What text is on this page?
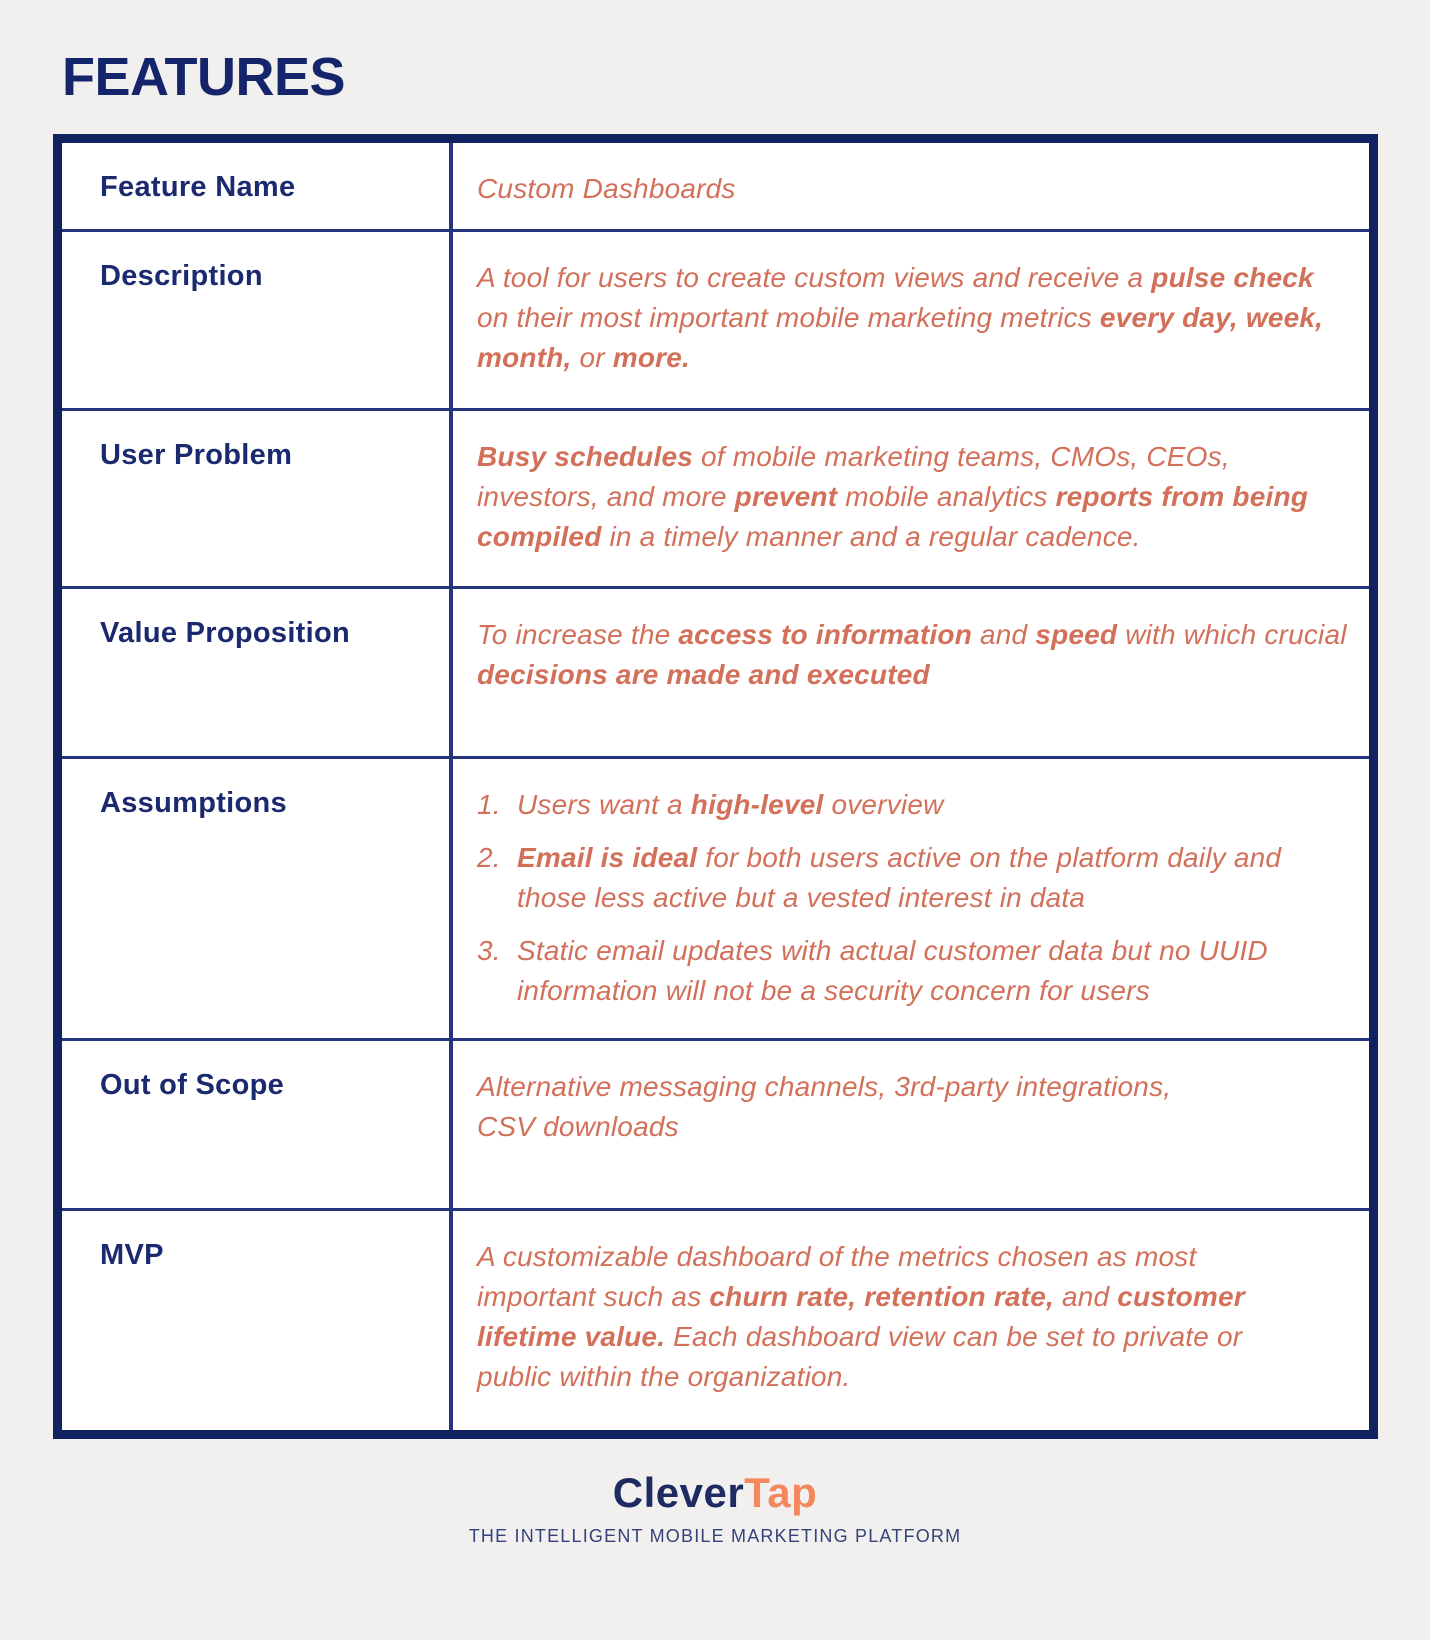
FEATURES
Feature Name	Custom Dashboards
Description	A tool for users to create custom views and receive a pulse check
on their most important mobile marketing metrics every day, week,
month, or more.
User Problem	Busy schedules of mobile marketing teams, CMOs, CEOs,
investors, and more prevent mobile analytics reports from being
compiled in a timely manner and a regular cadence.
Value Proposition	To increase the access to information and speed with which crucial
decisions are made and executed
Assumptions	1. Users want a high-level overview
2. Email is ideal for both users active on the platform daily and
those less active but a vested interest in data
3. Static email updates with actual customer data but no UUID
information will not be a security concern for users
Out of Scope	Alternative messaging channels, 3rd-party integrations,
CSV downloads
MVP	A customizable dashboard of the metrics chosen as most
important such as churn rate, retention rate, and customer
lifetime value. Each dashboard view can be set to private or
public within the organization.
CleverTap
THE INTELLIGENT MOBILE MARKETING PLATFORM
